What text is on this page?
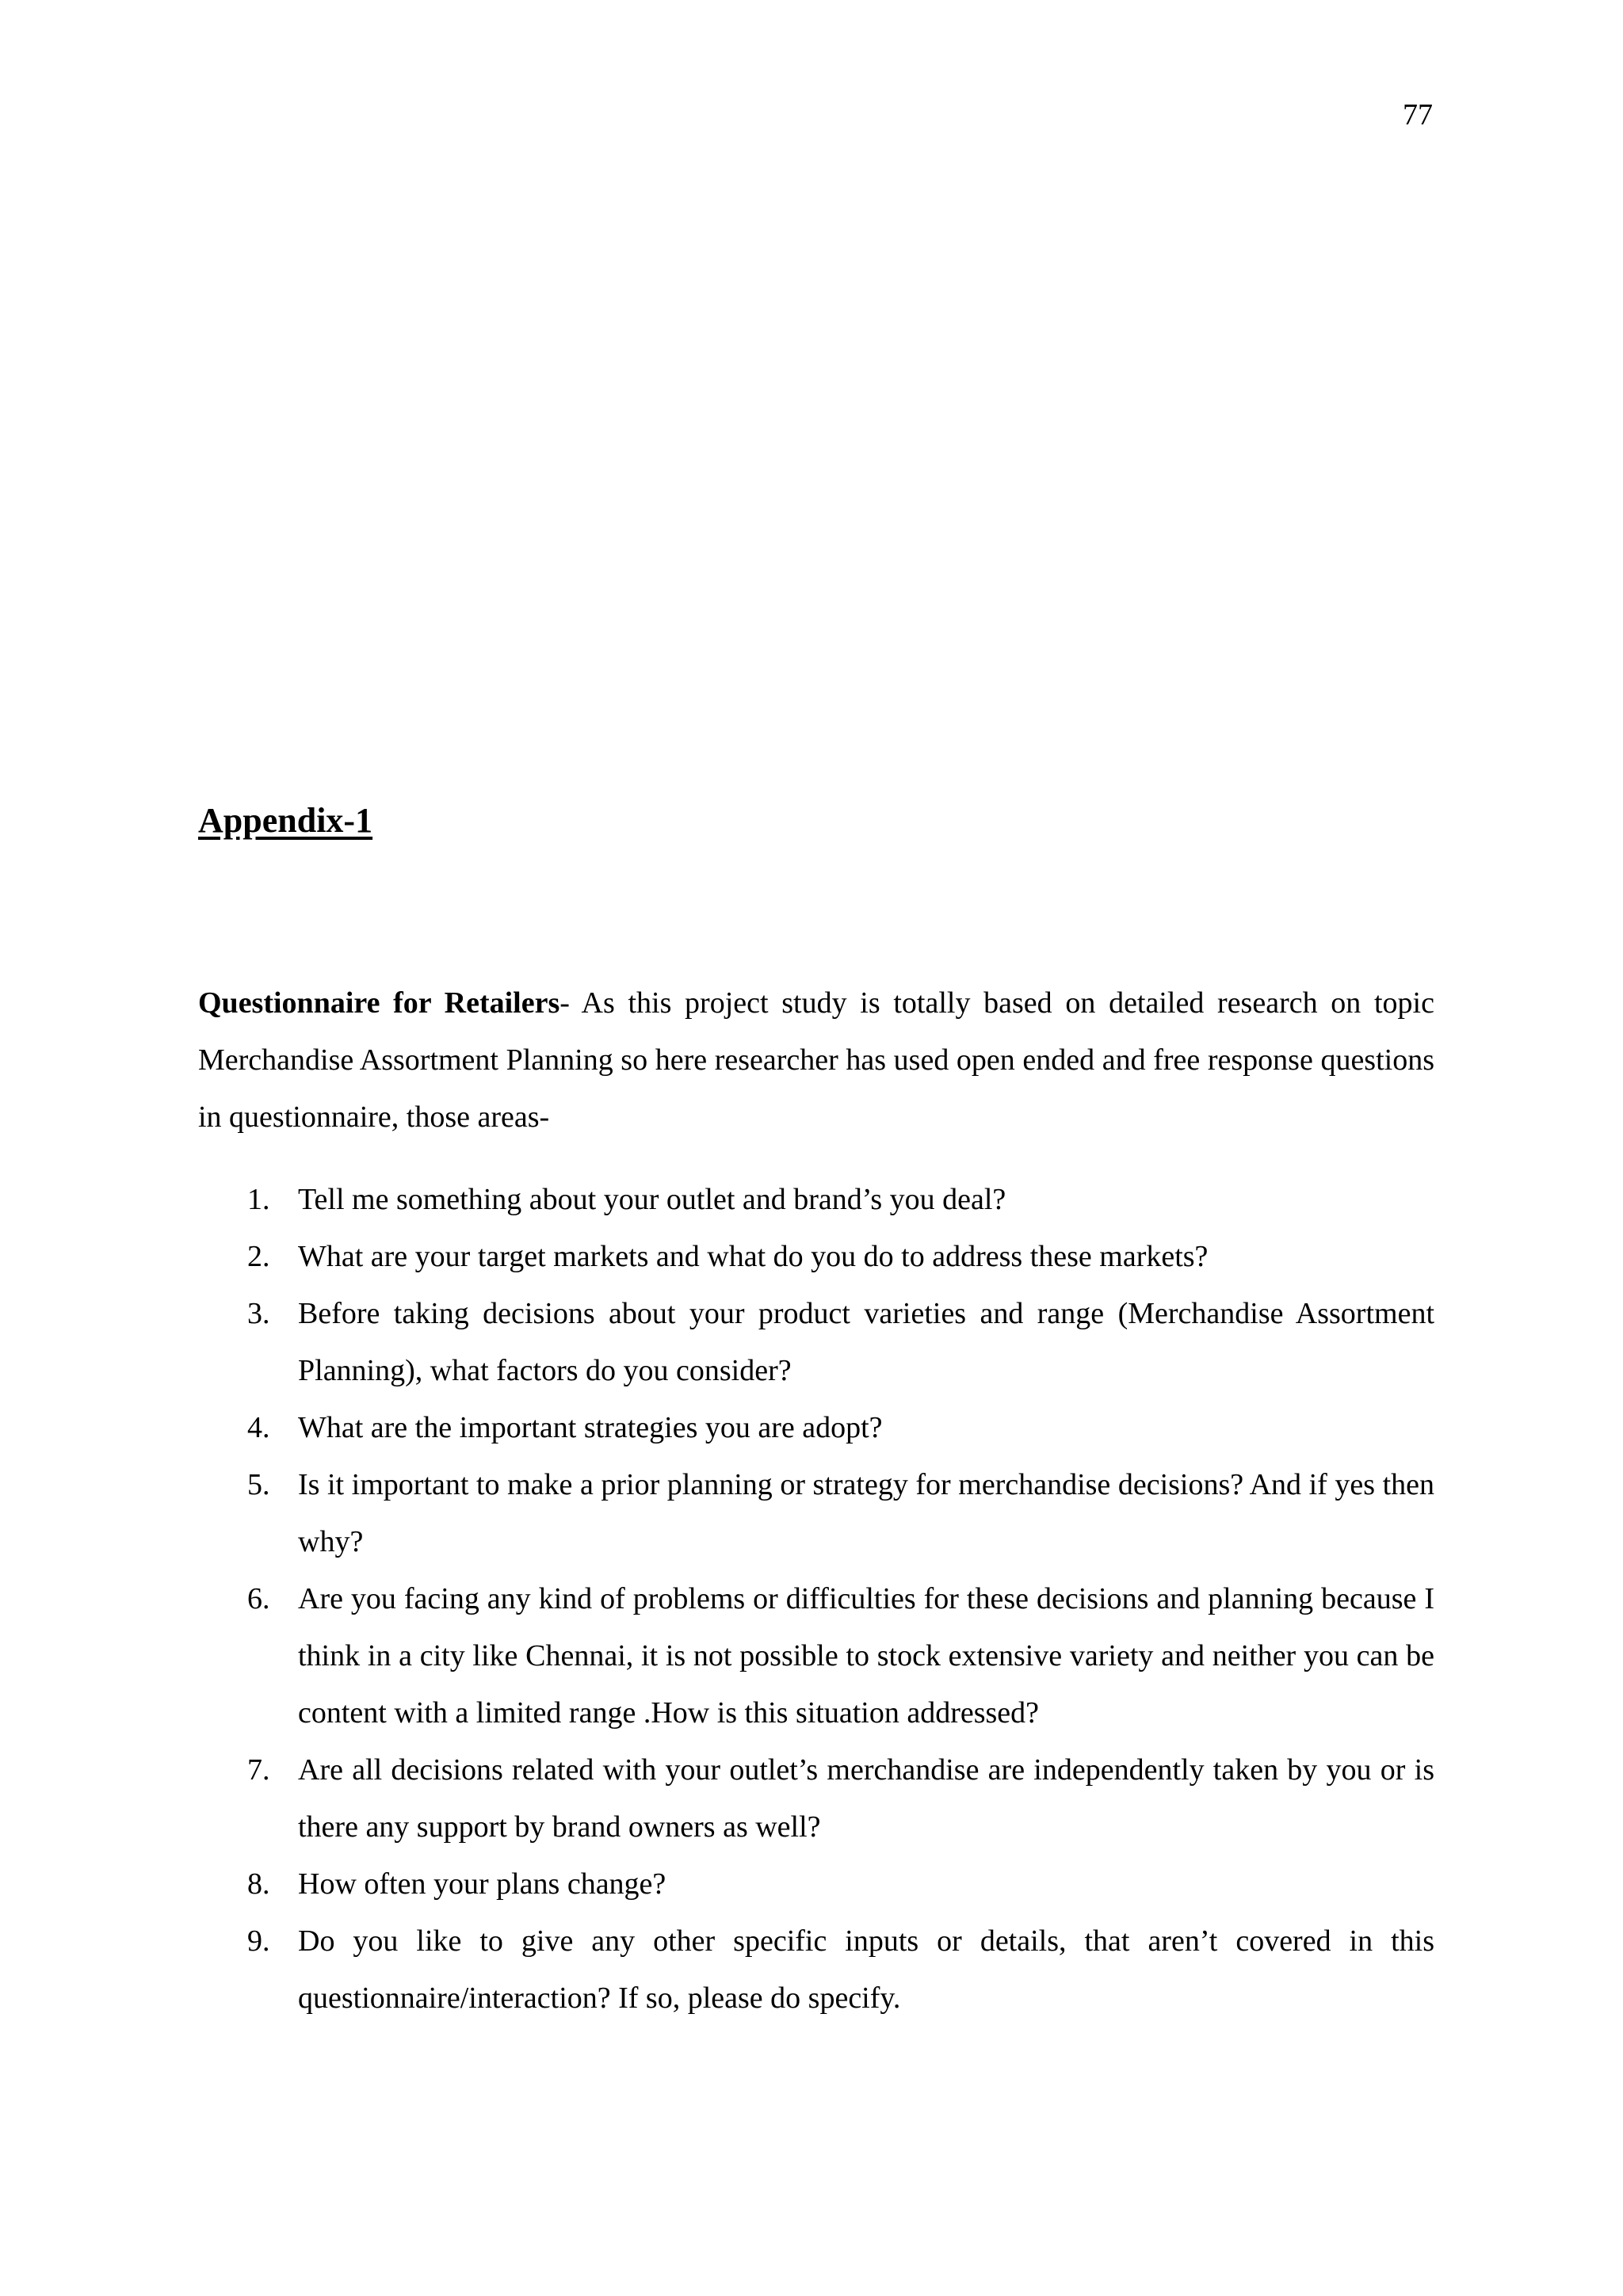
77
Appendix-1

Questionnaire for Retailers- As this project study is totally based on detailed research on topic Merchandise Assortment Planning so here researcher has used open ended and free response questions in questionnaire, those areas-

1. Tell me something about your outlet and brand’s you deal?
2. What are your target markets and what do you do to address these markets?
3. Before taking decisions about your product varieties and range (Merchandise Assortment Planning), what factors do you consider?
4. What are the important strategies you are adopt?
5. Is it important to make a prior planning or strategy for merchandise decisions? And if yes then why?
6. Are you facing any kind of problems or difficulties for these decisions and planning because I think in a city like Chennai, it is not possible to stock extensive variety and neither you can be content with a limited range .How is this situation addressed?
7. Are all decisions related with your outlet’s merchandise are independently taken by you or is there any support by brand owners as well?
8. How often your plans change?
9. Do you like to give any other specific inputs or details, that aren’t covered in this questionnaire/interaction? If so, please do specify.
